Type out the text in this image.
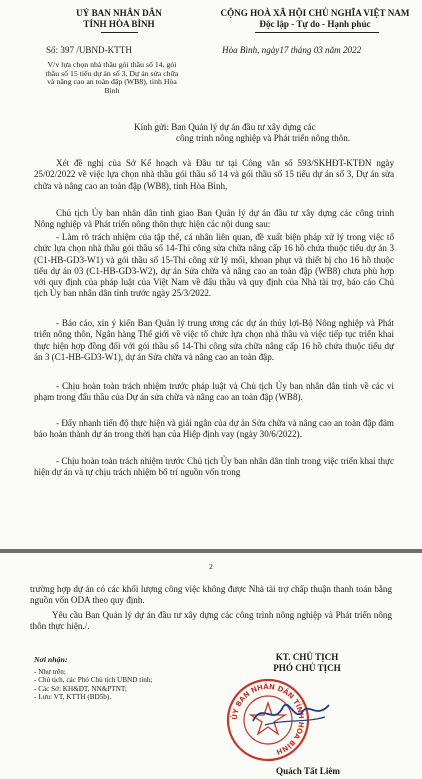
UỶ BAN NHÂN DÂN
TỈNH HÒA BÌNH
CỘNG HOÀ XÃ HỘI CHỦ NGHĨA VIỆT NAM
Độc lập - Tự do - Hạnh phúc
Số: 397 /UBND-KTTH	Hòa Bình, ngày17 tháng 03 năm 2022
V/v lựa chọn nhà thầu gói thầu số 14, gói thầu số 15 tiểu dự án số 3, Dự án sửa chữa và nâng cao an toàn đập (WB8), tỉnh Hòa Bình
Kính gửi: Ban Quản lý dự án đầu tư xây dựng các
công trình nông nghiệp và Phát triển nông thôn.
Xét đề nghị của Sở Kế hoạch và Đầu tư tại Công văn số 593/SKHĐT-KTĐN ngày 25/02/2022 về việc lựa chọn nhà thầu gói thầu số 14 và gói thầu số 15 tiểu dự án số 3, Dự án sửa chữa và nâng cao an toàn đập (WB8), tỉnh Hòa Bình,
Chủ tịch Ủy ban nhân dân tỉnh giao Ban Quản lý dự án đầu tư xây dựng các công trình Nông nghiệp và Phát triển nông thôn thực hiện các nội dung sau:
- Làm rõ trách nhiệm của tập thể, cá nhân liên quan, đề xuất biện pháp xử lý trong việc tổ chức lựa chọn nhà thầu gói thầu số 14-Thi công sửa chữa nâng cấp 16 hồ chứa thuộc tiểu dự án 3 (C1-HB-GD3-W1) và gói thầu số 15-Thi công xử lý mối, khoan phụt và thiết bị cho 16 hồ thuộc tiểu dự án 03 (C1-HB-GD3-W2), dự án Sửa chữa và nâng cao an toàn đập (WB8) chưa phù hợp với quy định của pháp luật của Việt Nam về đấu thầu và quy định của Nhà tài trợ, báo cáo Chủ tịch Ủy ban nhân dân tỉnh trước ngày 25/3/2022.
- Báo cáo, xin ý kiến Ban Quản lý trung ương các dự án thủy lợi-Bộ Nông nghiệp và Phát triển nông thôn, Ngân hàng Thế giới về việc tổ chức lựa chọn nhà thầu và việc tiếp tục triển khai thực hiện hợp đồng đối với gói thầu số 14-Thi công sửa chữa nâng cấp 16 hồ chứa thuộc tiểu dự án 3 (C1-HB-GD3-W1), dự án Sửa chữa và nâng cao an toàn đập.
- Chịu hoàn toàn trách nhiệm trước pháp luật và Chủ tịch Ủy ban nhân dân tỉnh về các vi phạm trong đấu thầu của Dự án sửa chữa và nâng cao an toàn đập (WB8).
- Đẩy nhanh tiến độ thực hiện và giải ngân của dự án Sửa chữa và nâng cao an toàn đập đảm bảo hoàn thành dự án trong thời hạn của Hiệp định vay (ngày 30/6/2022).
- Chịu hoàn toàn trách nhiệm trước Chủ tịch Ủy ban nhân dân tỉnh trong việc triển khai thực hiện dự án và tự chịu trách nhiệm bố trí nguồn vốn trong
2
trường hợp dự án có các khối lượng công việc không được Nhà tài trợ chấp thuận thanh toán bằng nguồn vốn ODA theo quy định.
Yêu cầu Ban Quản lý dự án đầu tư xây dựng các công trình nông nghiệp và Phát triển nông thôn thực hiện./.
Nơi nhận:
- Như trên;
- Chủ tịch, các Phó Chủ tịch UBND tỉnh;
- Các Sở: KH&ĐT, NN&PTNT;
- Lưu: VT, KTTH (BD5b).
KT. CHỦ TỊCH
PHÓ CHỦ TỊCH
ỦY BAN NHÂN DÂN TỈNH HÒA BÌNH
Quách Tất Liêm
